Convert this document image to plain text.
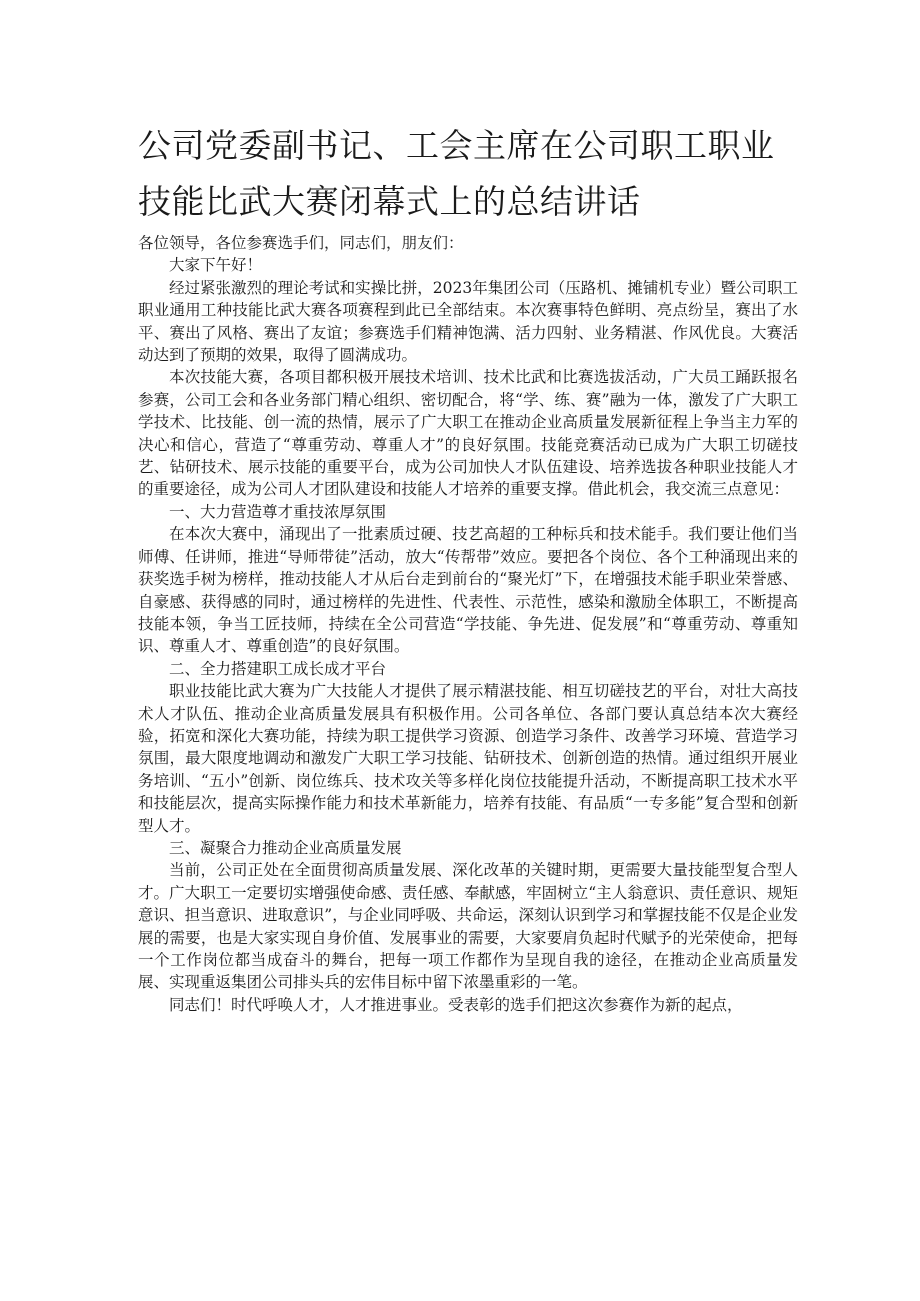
公司党委副书记、工会主席在公司职工职业技能比武大赛闭幕式上的总结讲话

各位领导，各位参赛选手们，同志们，朋友们：

大家下午好！

经过紧张激烈的理论考试和实操比拼，2023年集团公司（压路机、摊铺机专业）暨公司职工职业通用工种技能比武大赛各项赛程到此已全部结束。本次赛事特色鲜明、亮点纷呈，赛出了水平、赛出了风格、赛出了友谊；参赛选手们精神饱满、活力四射、业务精湛、作风优良。大赛活动达到了预期的效果，取得了圆满成功。

本次技能大赛，各项目都积极开展技术培训、技术比武和比赛选拔活动，广大员工踊跃报名参赛，公司工会和各业务部门精心组织、密切配合，将“学、练、赛”融为一体，激发了广大职工学技术、比技能、创一流的热情，展示了广大职工在推动企业高质量发展新征程上争当主力军的决心和信心，营造了“尊重劳动、尊重人才”的良好氛围。技能竞赛活动已成为广大职工切磋技艺、钻研技术、展示技能的重要平台，成为公司加快人才队伍建设、培养选拔各种职业技能人才的重要途径，成为公司人才团队建设和技能人才培养的重要支撑。借此机会，我交流三点意见：

一、大力营造尊才重技浓厚氛围

在本次大赛中，涌现出了一批素质过硬、技艺高超的工种标兵和技术能手。我们要让他们当师傅、任讲师，推进“导师带徒”活动，放大“传帮带”效应。要把各个岗位、各个工种涌现出来的获奖选手树为榜样，推动技能人才从后台走到前台的“聚光灯”下，在增强技术能手职业荣誉感、自豪感、获得感的同时，通过榜样的先进性、代表性、示范性，感染和激励全体职工，不断提高技能本领，争当工匠技师，持续在全公司营造“学技能、争先进、促发展”和“尊重劳动、尊重知识、尊重人才、尊重创造”的良好氛围。

二、全力搭建职工成长成才平台

职业技能比武大赛为广大技能人才提供了展示精湛技能、相互切磋技艺的平台，对壮大高技术人才队伍、推动企业高质量发展具有积极作用。公司各单位、各部门要认真总结本次大赛经验，拓宽和深化大赛功能，持续为职工提供学习资源、创造学习条件、改善学习环境、营造学习氛围，最大限度地调动和激发广大职工学习技能、钻研技术、创新创造的热情。通过组织开展业务培训、“五小”创新、岗位练兵、技术攻关等多样化岗位技能提升活动，不断提高职工技术水平和技能层次，提高实际操作能力和技术革新能力，培养有技能、有品质“一专多能”复合型和创新型人才。

三、凝聚合力推动企业高质量发展

当前，公司正处在全面贯彻高质量发展、深化改革的关键时期，更需要大量技能型复合型人才。广大职工一定要切实增强使命感、责任感、奉献感，牢固树立“主人翁意识、责任意识、规矩意识、担当意识、进取意识”，与企业同呼吸、共命运，深刻认识到学习和掌握技能不仅是企业发展的需要，也是大家实现自身价值、发展事业的需要，大家要肩负起时代赋予的光荣使命，把每一个工作岗位都当成奋斗的舞台，把每一项工作都作为呈现自我的途径，在推动企业高质量发展、实现重返集团公司排头兵的宏伟目标中留下浓墨重彩的一笔。

同志们！时代呼唤人才，人才推进事业。受表彰的选手们把这次参赛作为新的起点，
